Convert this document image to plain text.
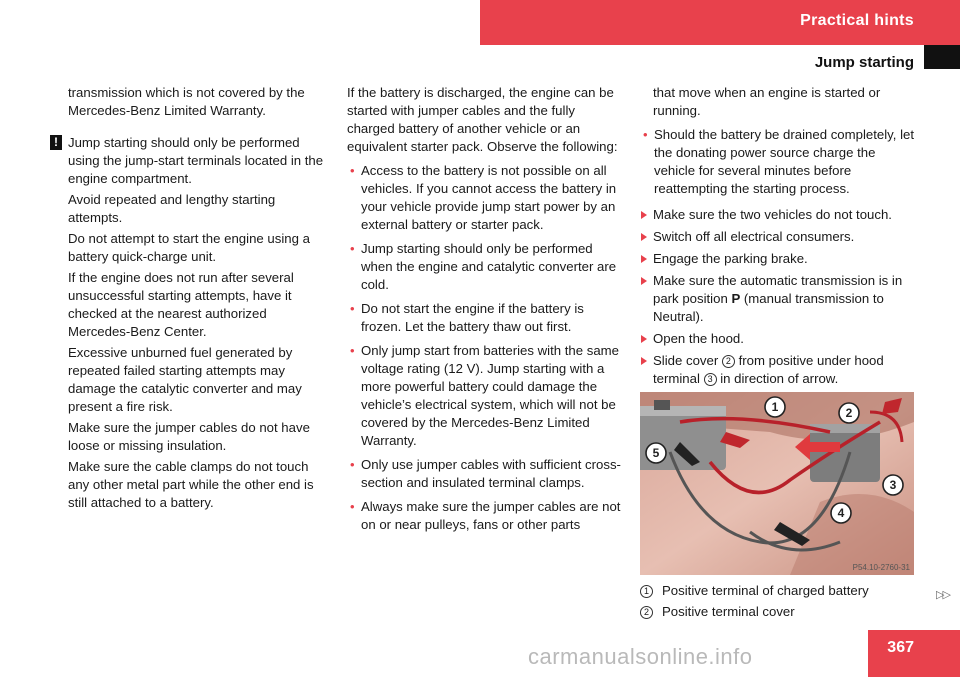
Practical hints
Jump starting

transmission which is not covered by the Mercedes-Benz Limited Warranty.

! Jump starting should only be performed using the jump-start terminals located in the engine compartment.

Avoid repeated and lengthy starting attempts.

Do not attempt to start the engine using a battery quick-charge unit.

If the engine does not run after several unsuccessful starting attempts, have it checked at the nearest authorized Mercedes-Benz Center.

Excessive unburned fuel generated by repeated failed starting attempts may damage the catalytic converter and may present a fire risk.

Make sure the jumper cables do not have loose or missing insulation.

Make sure the cable clamps do not touch any other metal part while the other end is still attached to a battery.

If the battery is discharged, the engine can be started with jumper cables and the fully charged battery of another vehicle or an equivalent starter pack. Observe the following:

• Access to the battery is not possible on all vehicles. If you cannot access the battery in your vehicle provide jump start power by an external battery or starter pack.
• Jump starting should only be performed when the engine and catalytic converter are cold.
• Do not start the engine if the battery is frozen. Let the battery thaw out first.
• Only jump start from batteries with the same voltage rating (12 V). Jump starting with a more powerful battery could damage the vehicle’s electrical system, which will not be covered by the Mercedes-Benz Limited Warranty.
• Only use jumper cables with sufficient cross-section and insulated terminal clamps.
• Always make sure the jumper cables are not on or near pulleys, fans or other parts

that move when an engine is started or running.

• Should the battery be drained completely, let the donating power source charge the vehicle for several minutes before reattempting the starting process.
Make sure the two vehicles do not touch.
Switch off all electrical consumers.
Engage the parking brake.
Make sure the automatic transmission is in park position P (manual transmission to Neutral).
Open the hood.
Slide cover 2 from positive under hood terminal 3 in direction of arrow.
1	2
3
4
5
P54.10-2760-31
1 Positive terminal of charged battery
2 Positive terminal cover
▷▷
367
carmanualsonline.info
